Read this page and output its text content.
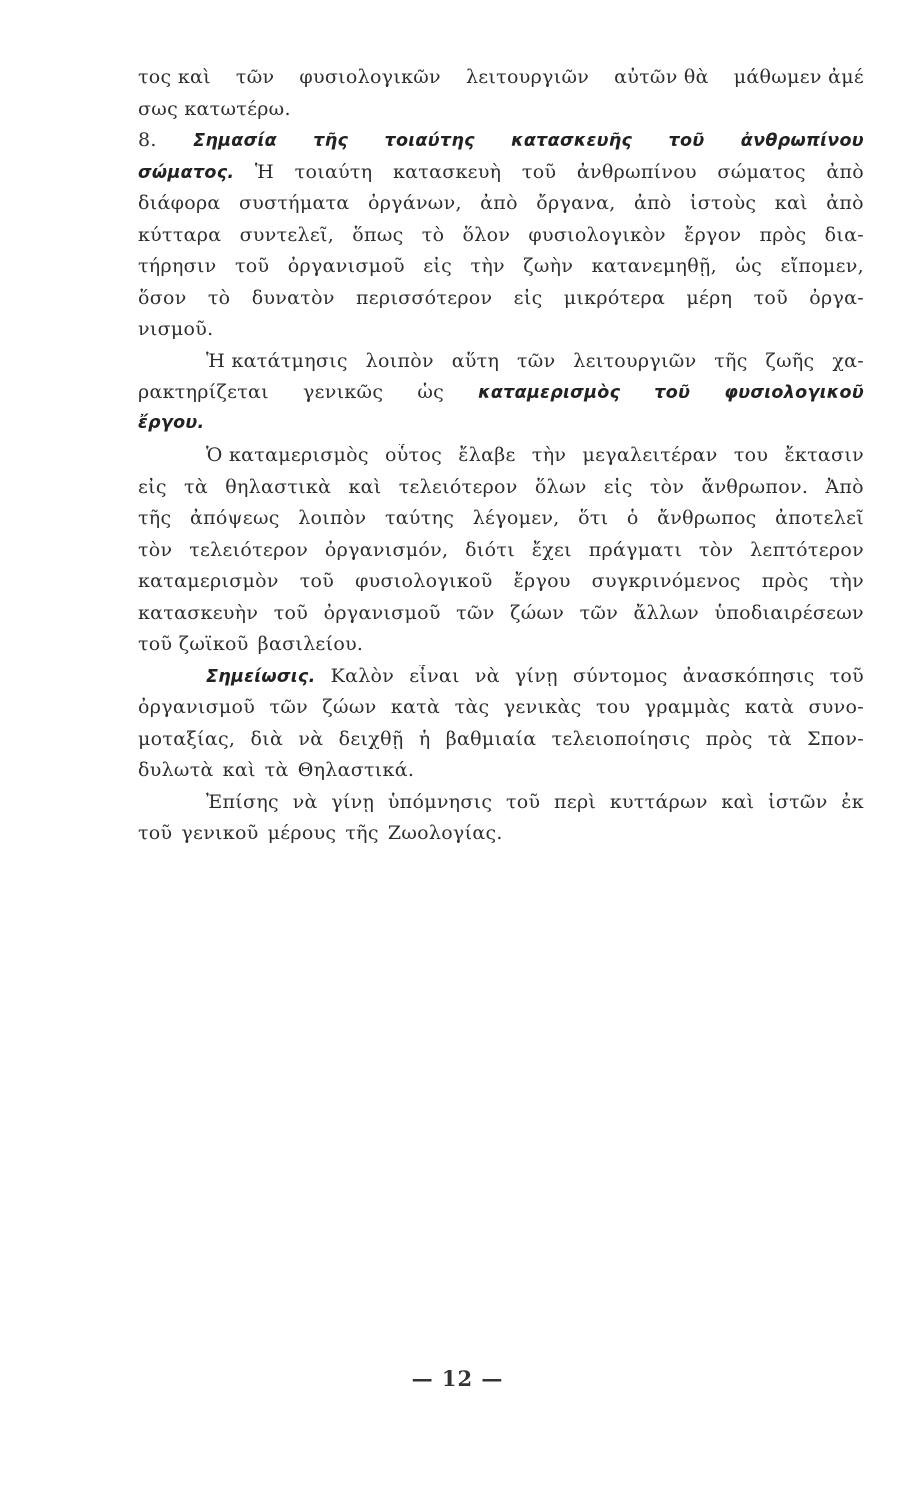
τος καὶ τῶν φυσιολογικῶν λειτουργιῶν αὐτῶν θὰ μάθωμεν ἀμέ
σως κατωτέρω.
8. Σημασία τῆς τοιαύτης κατασκευῆς τοῦ ἀνθρωπίνου
σώματος. Ἡ τοιαύτη κατασκευὴ τοῦ ἀνθρωπίνου σώματος ἀπὸ
διάφορα συστήματα ὀργάνων, ἀπὸ ὄργανα, ἀπὸ ἱστοὺς καὶ ἀπὸ
κύτταρα συντελεῖ, ὅπως τὸ ὅλον φυσιολογικὸν ἔργον πρὸς δια-
τήρησιν τοῦ ὀργανισμοῦ εἰς τὴν ζωὴν κατανεμηθῇ, ὡς εἴπομεν,
ὅσον τὸ δυνατὸν περισσότερον εἰς μικρότερα μέρη τοῦ ὀργα-
νισμοῦ.
Ἡ κατάτμησις λοιπὸν αὕτη τῶν λειτουργιῶν τῆς ζωῆς χα-
ρακτηρίζεται γενικῶς ὡς καταμερισμὸς τοῦ φυσιολογικοῦ
ἔργου.
Ὁ καταμερισμὸς οὗτος ἔλαβε τὴν μεγαλειτέραν του ἔκτασιν
εἰς τὰ θηλαστικὰ καὶ τελειότερον ὅλων εἰς τὸν ἄνθρωπον. Ἀπὸ
τῆς ἀπόψεως λοιπὸν ταύτης λέγομεν, ὅτι ὁ ἄνθρωπος ἀποτελεῖ
τὸν τελειότερον ὀργανισμόν, διότι ἔχει πράγματι τὸν λεπτότερον
καταμερισμὸν τοῦ φυσιολογικοῦ ἔργου συγκρινόμενος πρὸς τὴν
κατασκευὴν τοῦ ὀργανισμοῦ τῶν ζώων τῶν ἄλλων ὑποδιαιρέσεων
τοῦ ζωϊκοῦ βασιλείου.
Σημείωσις. Καλὸν εἶναι νὰ γίνῃ σύντομος ἀνασκόπησις τοῦ
ὀργανισμοῦ τῶν ζώων κατὰ τὰς γενικὰς του γραμμὰς κατὰ συνο-
μοταξίας, διὰ νὰ δειχθῇ ἡ βαθμιαία τελειοποίησις πρὸς τὰ Σπον-
δυλωτὰ καὶ τὰ Θηλαστικά.
Ἐπίσης νὰ γίνῃ ὑπόμνησις τοῦ περὶ κυττάρων καὶ ἱστῶν ἐκ
τοῦ γενικοῦ μέρους τῆς Ζωολογίας.
— 12 —
